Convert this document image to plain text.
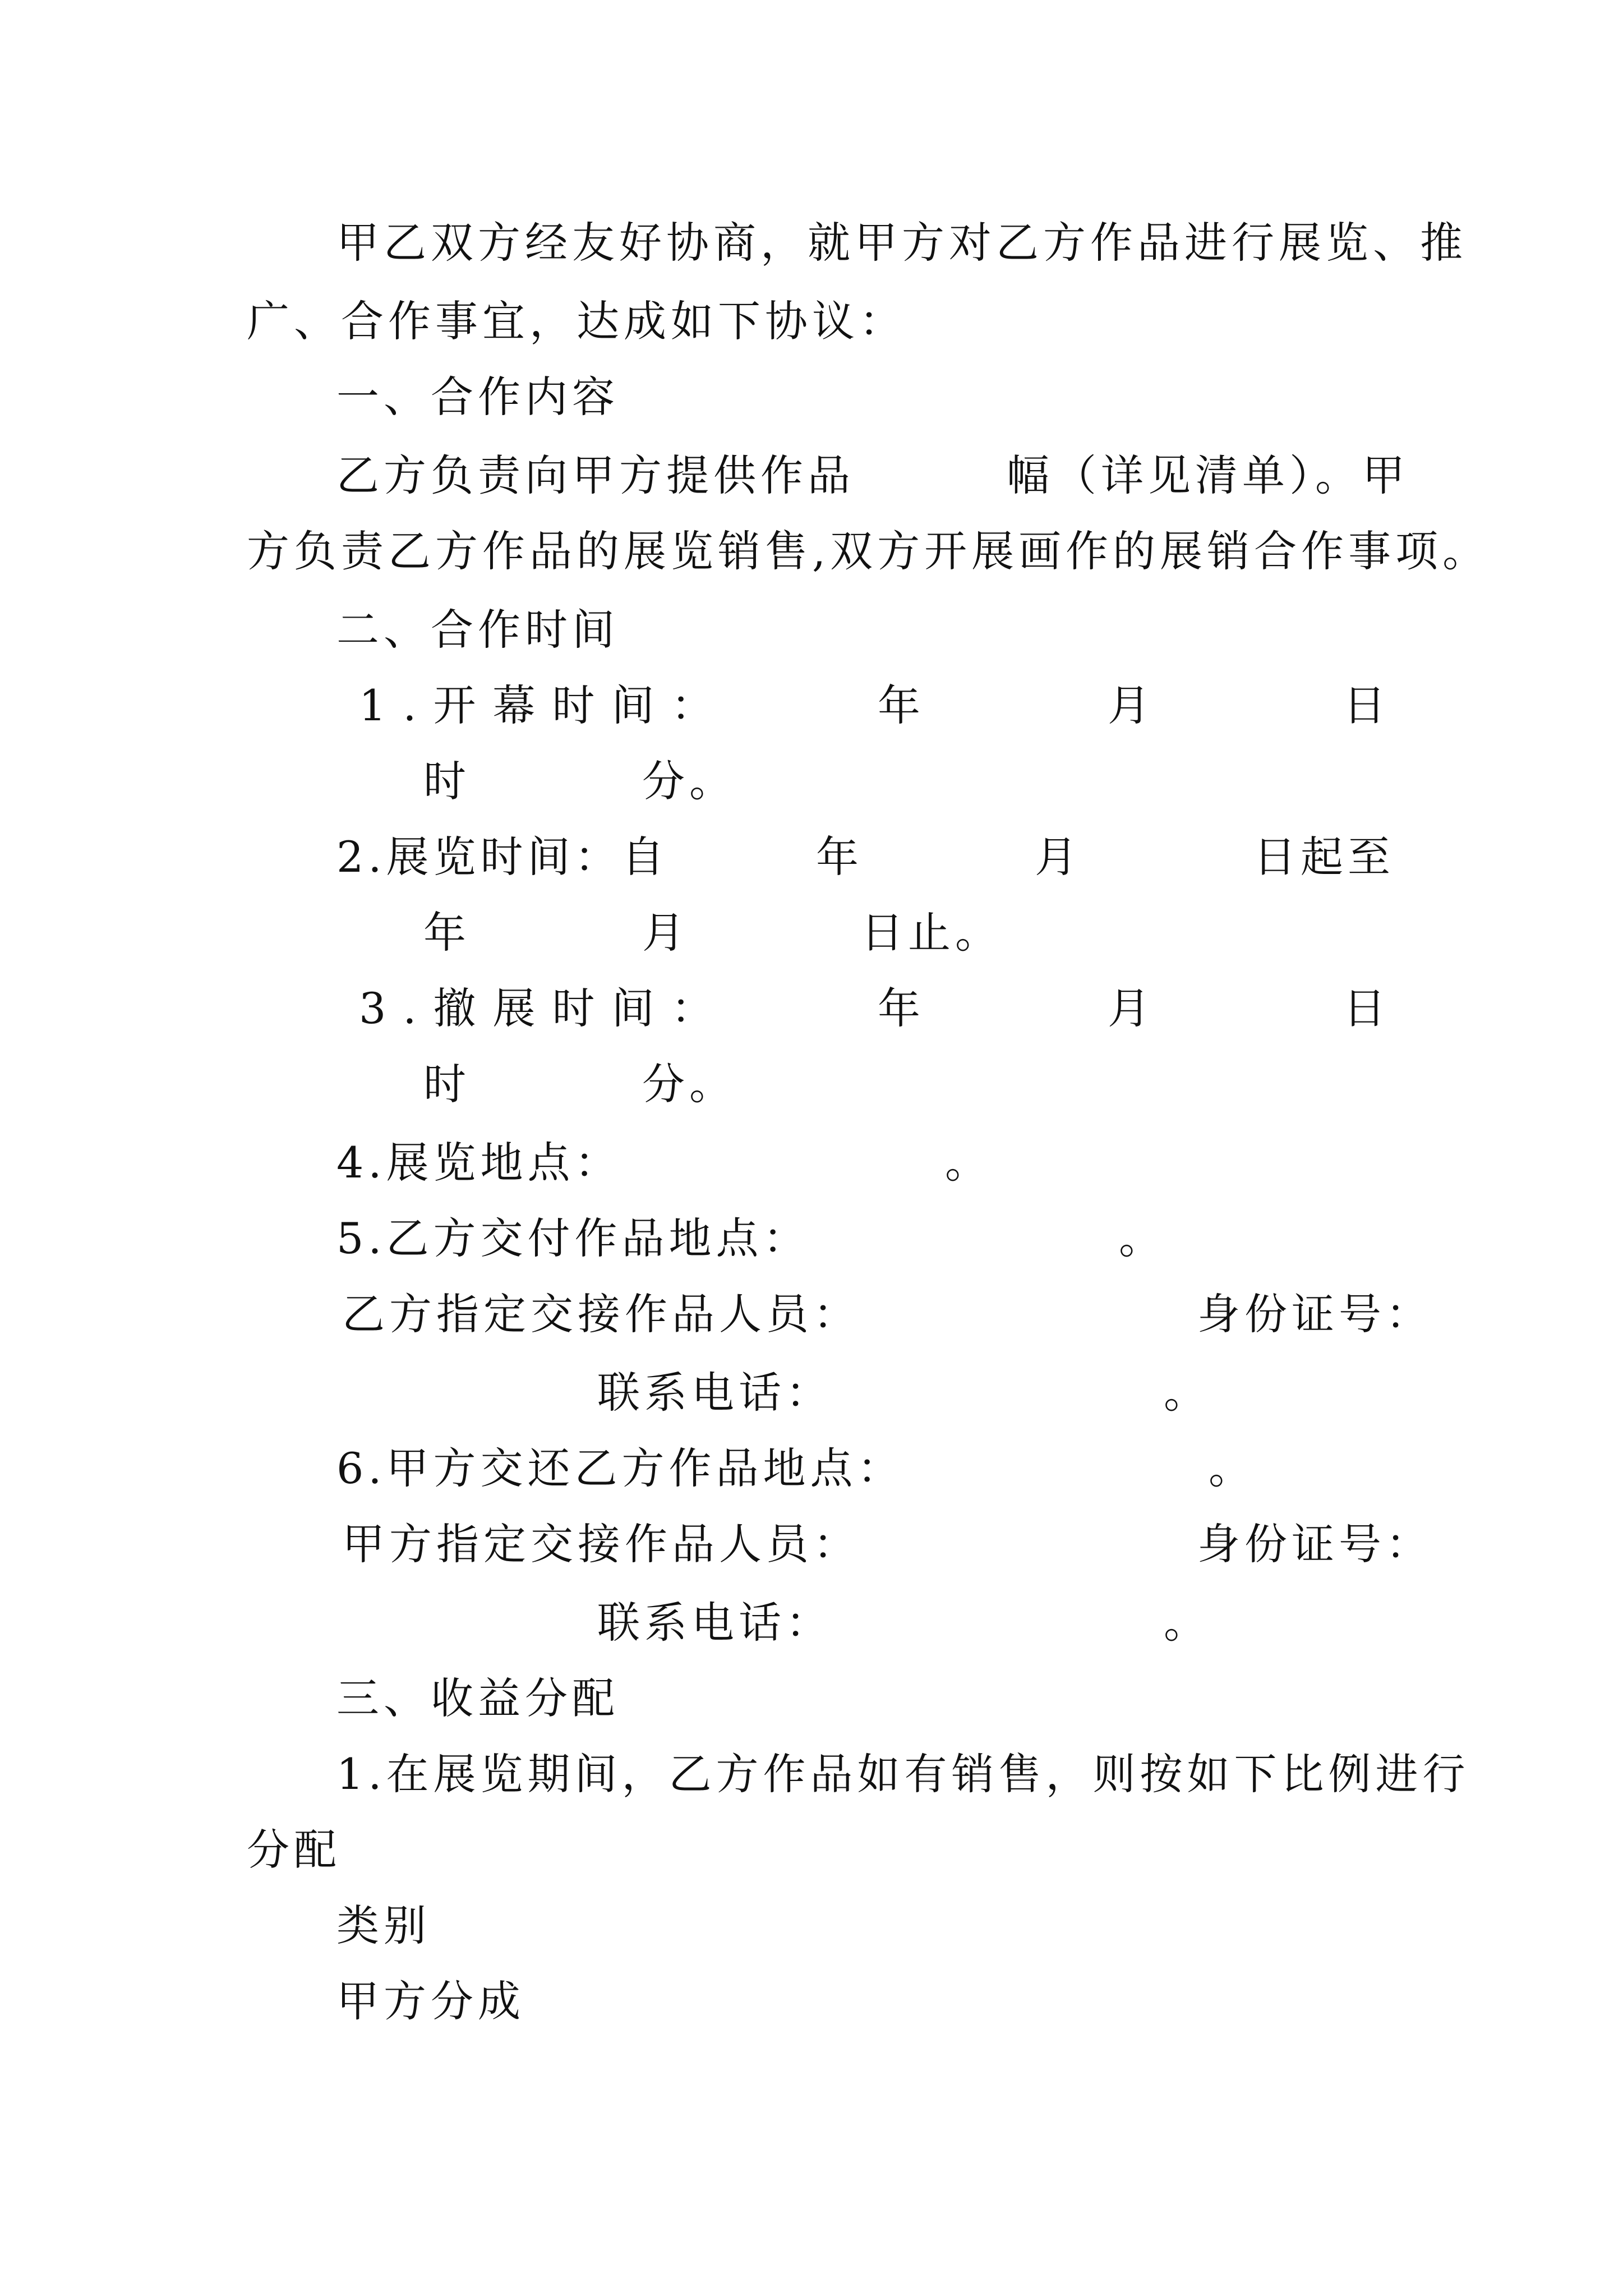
甲乙双方经友好协商，就甲方对乙方作品进行展览、推
广、合作事宜，达成如下协议：
一、合作内容
乙方负责向甲方提供作品	幅（详见清单）。甲
方负责乙方作品的展览销售,双方开展画作的展销合作事项。
二、合作时间
1.开幕时间：	年	月	日
时	分。
2.展览时间：自	年	月	日起至
年	月	日止。
3.撤展时间：	年	月	日
时	分。
4.展览地点：	。
5.乙方交付作品地点：	。
乙方指定交接作品人员：	身份证号：
联系电话：	。
6.甲方交还乙方作品地点：	。
甲方指定交接作品人员：	身份证号：
联系电话：	。
三、收益分配
1.在展览期间，乙方作品如有销售，则按如下比例进行
分配
类别
甲方分成
